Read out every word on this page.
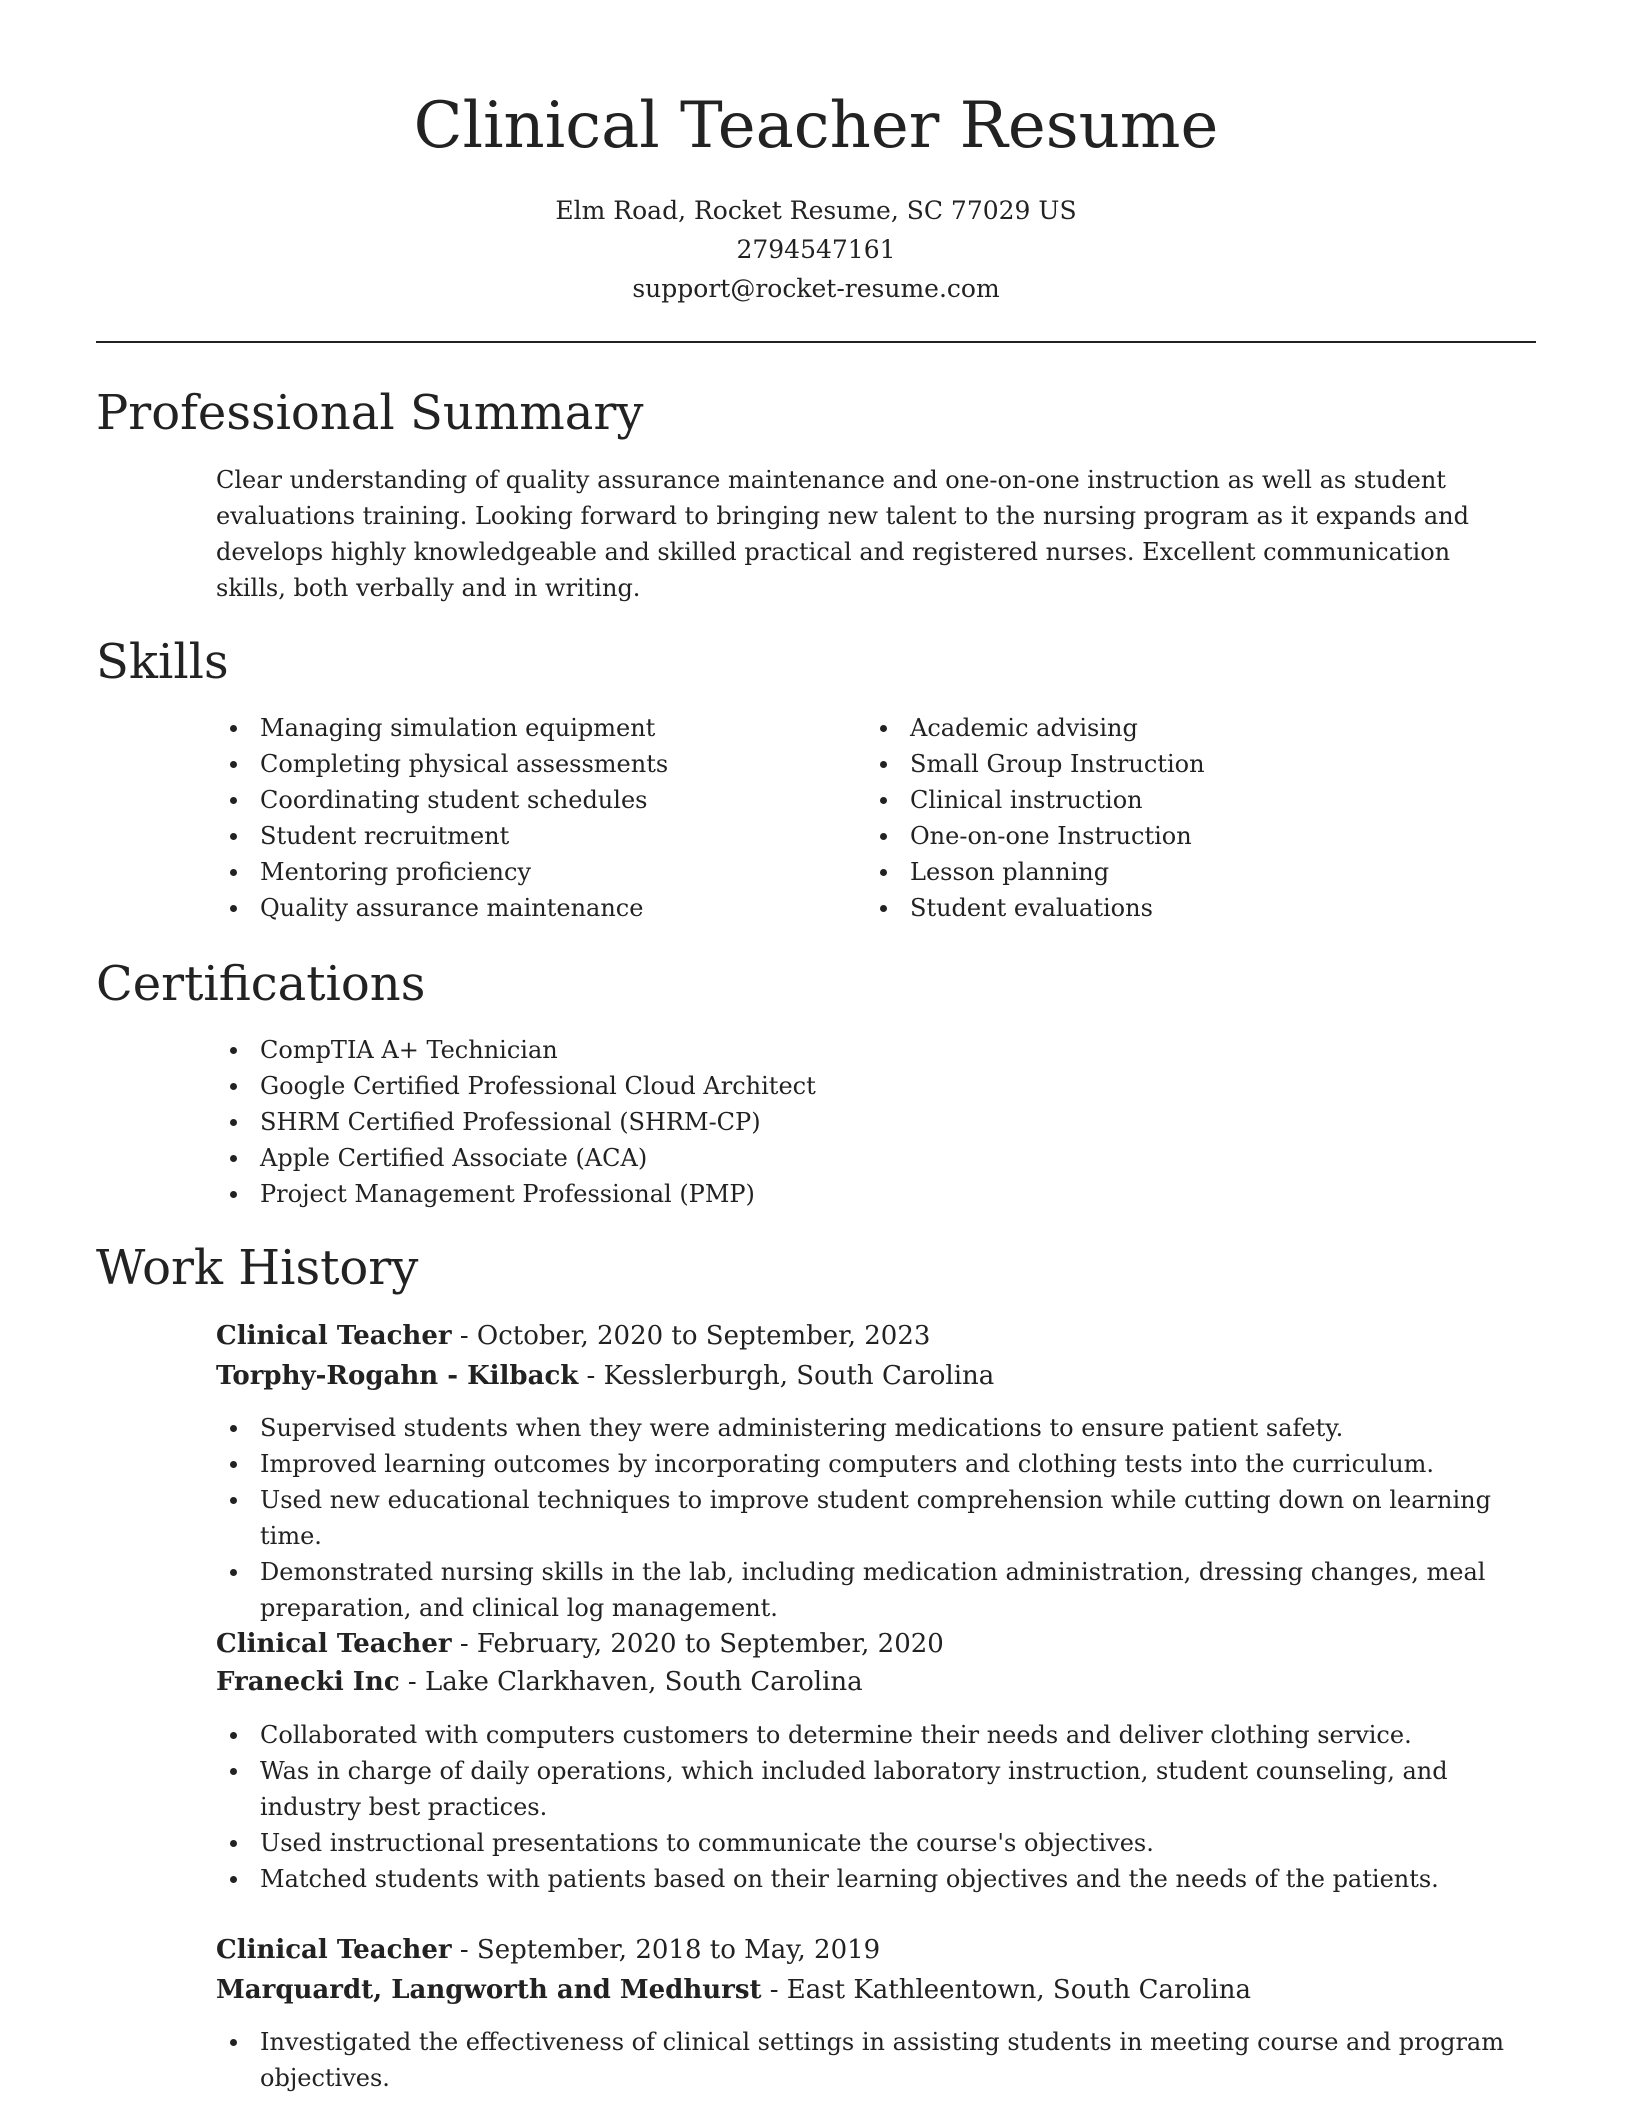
Clinical Teacher Resume
Elm Road, Rocket Resume, SC 77029 US
2794547161
support@rocket-resume.com
Professional Summary

Clear understanding of quality assurance maintenance and one-on-one instruction as well as student evaluations training. Looking forward to bringing new talent to the nursing program as it expands and develops highly knowledgeable and skilled practical and registered nurses. Excellent communication skills, both verbally and in writing.

Skills
Managing simulation equipment
Completing physical assessments
Coordinating student schedules
Student recruitment
Mentoring proficiency
Quality assurance maintenance
Academic advising
Small Group Instruction
Clinical instruction
One-on-one Instruction
Lesson planning
Student evaluations
Certifications
CompTIA A+ Technician
Google Certified Professional Cloud Architect
SHRM Certified Professional (SHRM-CP)
Apple Certified Associate (ACA)
Project Management Professional (PMP)
Work History
Clinical Teacher - October, 2020 to September, 2023
Torphy-Rogahn - Kilback - Kesslerburgh, South Carolina
Supervised students when they were administering medications to ensure patient safety.
Improved learning outcomes by incorporating computers and clothing tests into the curriculum.
Used new educational techniques to improve student comprehension while cutting down on learning time.
Demonstrated nursing skills in the lab, including medication administration, dressing changes, meal preparation, and clinical log management.
Clinical Teacher - February, 2020 to September, 2020
Franecki Inc - Lake Clarkhaven, South Carolina
Collaborated with computers customers to determine their needs and deliver clothing service.
Was in charge of daily operations, which included laboratory instruction, student counseling, and industry best practices.
Used instructional presentations to communicate the course's objectives.
Matched students with patients based on their learning objectives and the needs of the patients.
Clinical Teacher - September, 2018 to May, 2019
Marquardt, Langworth and Medhurst - East Kathleentown, South Carolina
Investigated the effectiveness of clinical settings in assisting students in meeting course and program objectives.
